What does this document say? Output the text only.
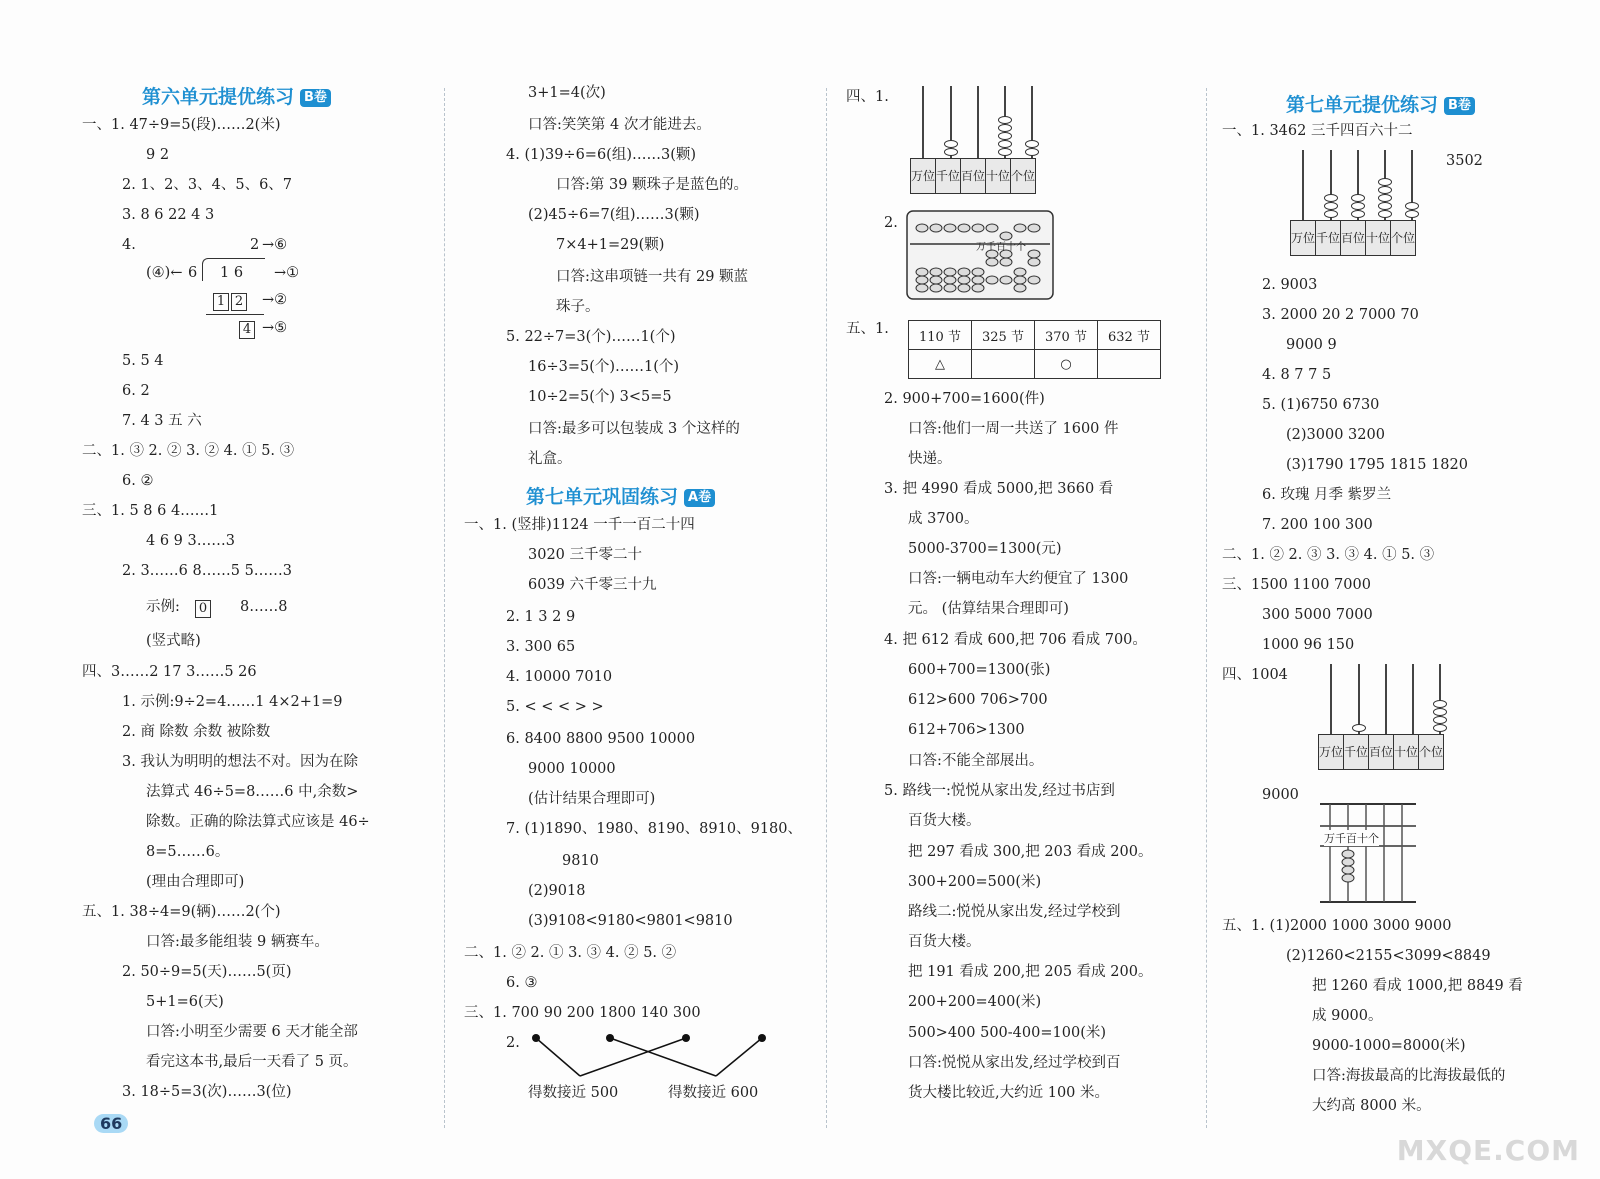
第六单元提优练习 B卷
一、1. 47÷9=5(段)……2(米)
9 2
2. 1、2、3、4、5、6、7
3. 8 6 22 4 3
4.	2 →⑥
(④)← 6 1 6 →①
1 2	→②
4 →⑤
5. 5 4
6. 2
7. 4 3 五 六
二、1. ③ 2. ② 3. ② 4. ① 5. ③
6. ②
三、1. 5 8 6 4……1
4 6 9 3……3
2. 3……6 8……5 5……3
示例:	0	8……8
(竖式略)
四、3……2 17 3……5 26
1. 示例:9÷2=4……1 4×2+1=9
2. 商 除数 余数 被除数
3. 我认为明明的想法不对。因为在除
法算式 46÷5=8……6 中,余数>
除数。正确的除法算式应该是 46÷
8=5……6。
(理由合理即可)
五、1. 38÷4=9(辆)……2(个)
口答:最多能组装 9 辆赛车。
2. 50÷9=5(天)……5(页)
5+1=6(天)
口答:小明至少需要 6 天才能全部
看完这本书,最后一天看了 5 页。
3. 18÷5=3(次)……3(位)
3+1=4(次)
口答:笑笑第 4 次才能进去。
4. (1)39÷6=6(组)……3(颗)
口答:第 39 颗珠子是蓝色的。
(2)45÷6=7(组)……3(颗)
7×4+1=29(颗)
口答:这串项链一共有 29 颗蓝
珠子。
5. 22÷7=3(个)……1(个)
16÷3=5(个)……1(个)
10÷2=5(个) 3<5=5
口答:最多可以包装成 3 个这样的
礼盒。
第七单元巩固练习 A卷
一、1. (竖排)1124 一千一百二十四
3020 三千零二十
6039 六千零三十九
2. 1 3 2 9
3. 300 65
4. 10000 7010
5. < < < > >
6. 8400 8800 9500 10000
9000 10000
(估计结果合理即可)
7. (1)1890、1980、8190、8910、9180、
9810
(2)9018
(3)9108<9180<9801<9810
二、1. ② 2. ① 3. ③ 4. ② 5. ②
6. ③
三、1. 700 90 200 1800 140 300
2.
得数接近 500	得数接近 600
四、1.
万位	千位	百位	十位	个位
2.
万千百十个
五、1. 110 节	325 节	370 节	632 节
△		○	
2. 900+700=1600(件)
口答:他们一周一共送了 1600 件
快递。
3. 把 4990 看成 5000,把 3660 看
成 3700。
5000-3700=1300(元)
口答:一辆电动车大约便宜了 1300
元。 (估算结果合理即可)
4. 把 612 看成 600,把 706 看成 700。
600+700=1300(张)
612>600 706>700
612+706>1300
口答:不能全部展出。
5. 路线一:悦悦从家出发,经过书店到
百货大楼。
把 297 看成 300,把 203 看成 200。
300+200=500(米)
路线二:悦悦从家出发,经过学校到
百货大楼。
把 191 看成 200,把 205 看成 200。
200+200=400(米)
500>400 500-400=100(米)
口答:悦悦从家出发,经过学校到百
货大楼比较近,大约近 100 米。
第七单元提优练习 B卷
一、1. 3462 三千四百六十二
3502
万位	千位	百位	十位	个位
2. 9003
3. 2000 20 2 7000 70
9000 9
4. 8 7 7 5
5. (1)6750 6730
(2)3000 3200
(3)1790 1795 1815 1820
6. 玫瑰 月季 紫罗兰
7. 200 100 300
二、1. ② 2. ③ 3. ③ 4. ① 5. ③
三、1500 1100 7000
300 5000 7000
1000 96 150
四、1004
万位	千位	百位	十位	个位
9000
万千百十个
五、1. (1)2000 1000 3000 9000
(2)1260<2155<3099<8849
把 1260 看成 1000,把 8849 看
成 9000。
9000-1000=8000(米)
口答:海拔最高的比海拔最低的
大约高 8000 米。
66
MXQE.COM
